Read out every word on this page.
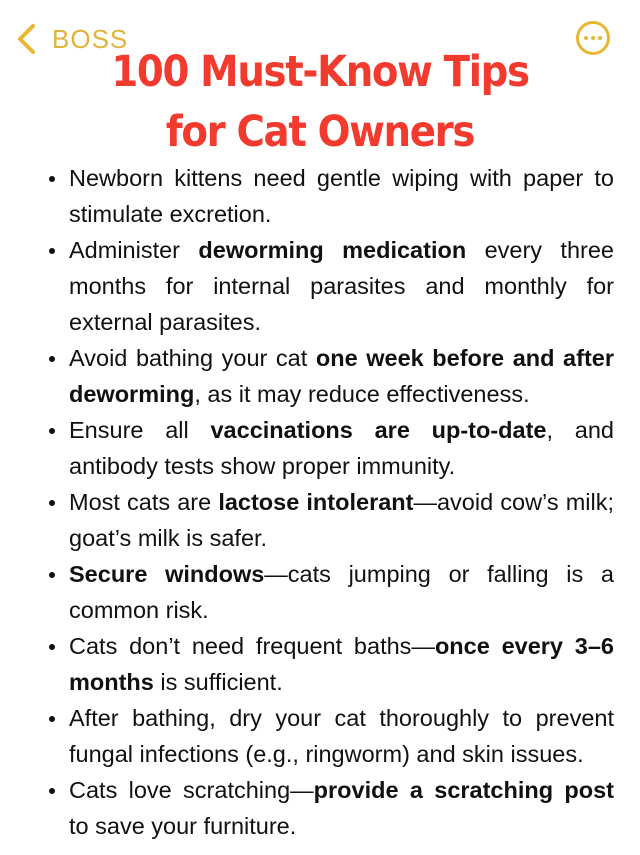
BOSS
100 Must-Know Tips
for Cat Owners
Newborn kittens need gentle wiping with paper to stimulate excretion.
Administer deworming medication every three months for internal parasites and monthly for external parasites.
Avoid bathing your cat one week before and after deworming, as it may reduce effectiveness.
Ensure all vaccinations are up-to-date, and antibody tests show proper immunity.
Most cats are lactose intolerant—avoid cow’s milk; goat’s milk is safer.
Secure windows—cats jumping or falling is a common risk.
Cats don’t need frequent baths—once every 3–6 months is sufficient.
After bathing, dry your cat thoroughly to prevent fungal infections (e.g., ringworm) and skin issues.
Cats love scratching—provide a scratching post to save your furniture.
